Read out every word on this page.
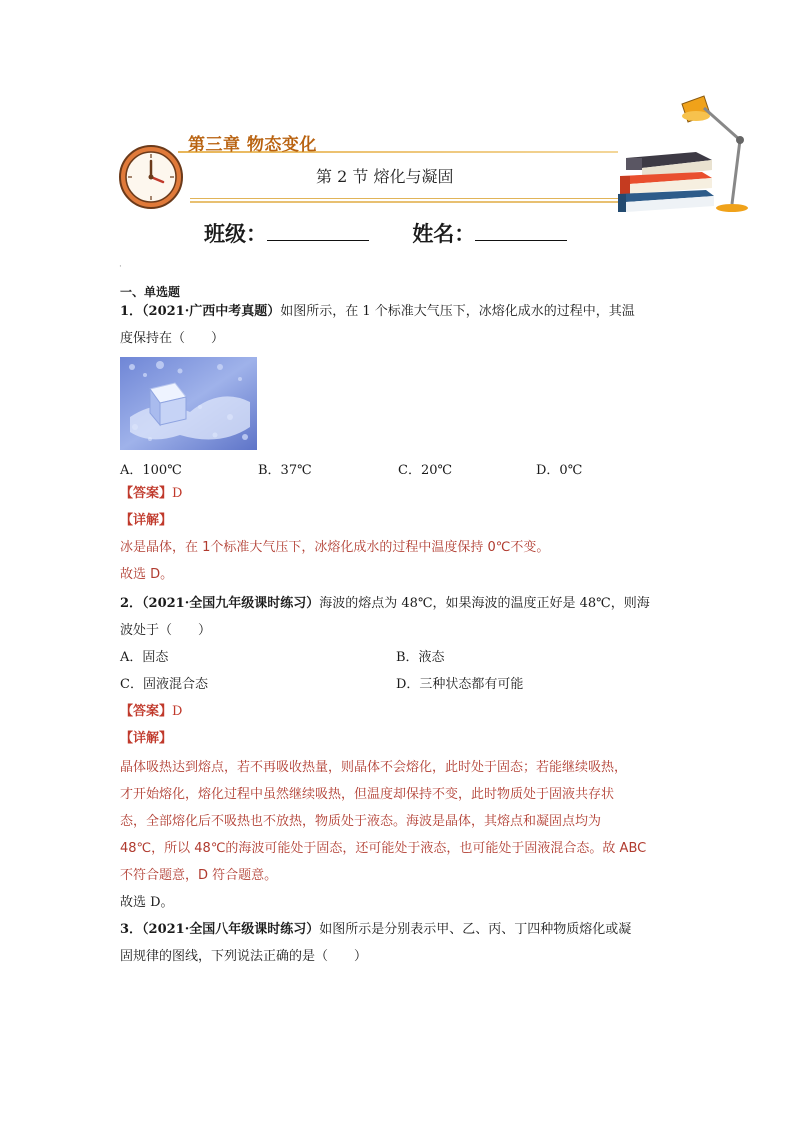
第三章 物态变化
第 2 节 熔化与凝固
班级：	姓名：
·
一、单选题
1．（2021·广西中考真题）如图所示，在 1 个标准大气压下，冰熔化成水的过程中，其温
度保持在（　　）
A．100℃	B．37℃	C．20℃	D．0℃
【答案】D
【详解】
冰是晶体，在 1个标准大气压下，冰熔化成水的过程中温度保持 0℃不变。
故选 D。
2．（2021·全国九年级课时练习）海波的熔点为 48℃，如果海波的温度正好是 48℃，则海
波处于（　　）
A．固态	B．液态
C．固液混合态	D．三种状态都有可能
【答案】D
【详解】
晶体吸热达到熔点，若不再吸收热量，则晶体不会熔化，此时处于固态；若能继续吸热，
才开始熔化，熔化过程中虽然继续吸热，但温度却保持不变，此时物质处于固液共存状
态，全部熔化后不吸热也不放热，物质处于液态。海波是晶体，其熔点和凝固点均为
48℃，所以 48℃的海波可能处于固态，还可能处于液态，也可能处于固液混合态。故 ABC
不符合题意，D 符合题意。
故选 D。
3．（2021·全国八年级课时练习）如图所示是分别表示甲、乙、丙、丁四种物质熔化或凝
固规律的图线，下列说法正确的是（　　）
